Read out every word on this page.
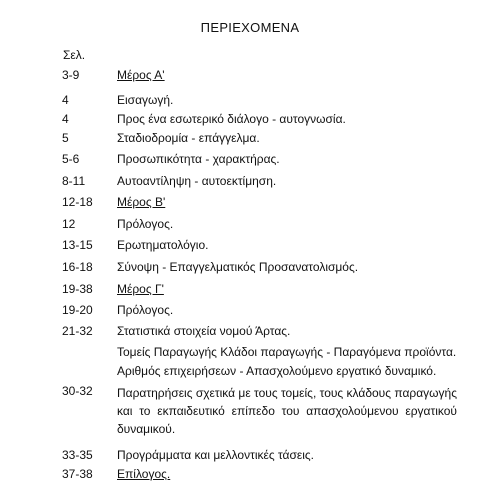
ΠΕΡΙΕΧΟΜΕΝΑ
Σελ.
3-9	Μέρος Α'
4	Εισαγωγή.
4	Προς ένα εσωτερικό διάλογο - αυτογνωσία.
5	Σταδιοδρομία - επάγγελμα.
5-6	Προσωπικότητα - χαρακτήρας.
8-11	Αυτοαντίληψη - αυτοεκτίμηση.
12-18 Μέρος Β'
12	Πρόλογος.
13-15 Ερωτηματολόγιο.
16-18 Σύνοψη - Επαγγελματικός Προσανατολισμός.
19-38 Μέρος Γ'
19-20 Πρόλογος.
21-32 Στατιστικά στοιχεία νομού Άρτας.
Τομείς Παραγωγής Κλάδοι παραγωγής - Παραγόμενα προϊόντα.
Αριθμός επιχειρήσεων - Απασχολούμενο εργατικό δυναμικό.
30-32 Παρατηρήσεις σχετικά με τους τομείς, τους κλάδους παραγωγής και το εκπαιδευτικό επίπεδο του απασχολούμενου εργατικού δυναμικού.
33-35 Προγράμματα και μελλοντικές τάσεις.
37-38 Επίλογος.
